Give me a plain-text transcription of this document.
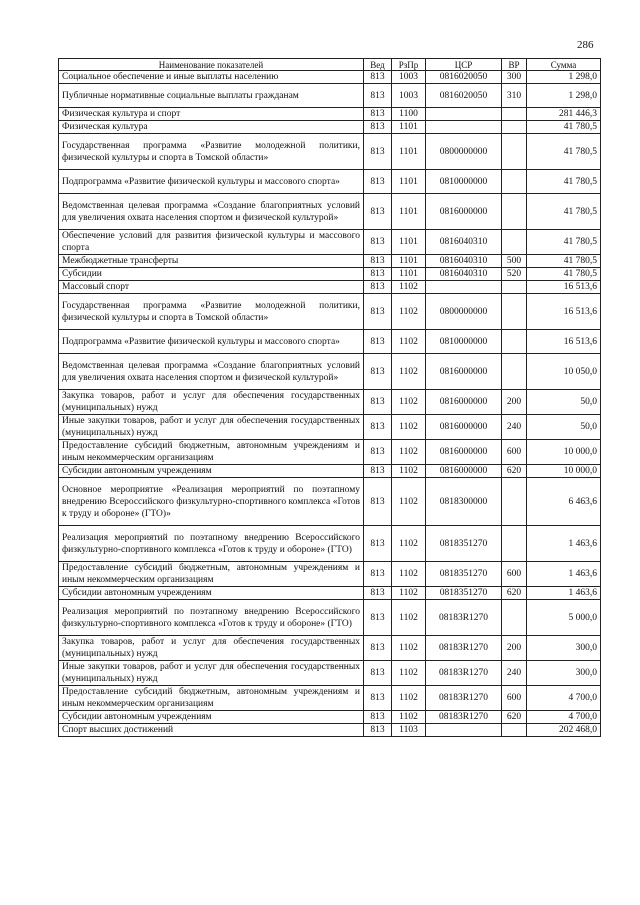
286
Наименование показателей	Вед	РзПр	ЦСР	ВР	Сумма
Социальное обеспечение и иные выплаты населению	813	1003	0816020050	300	1 298,0
Публичные нормативные социальные выплаты гражданам	813	1003	0816020050	310	1 298,0
Физическая культура и спорт	813	1100			281 446,3
Физическая культура	813	1101			41 780,5
Государственная программа «Развитие молодежной политики, физической культуры и спорта в Томской области»	813	1101	0800000000		41 780,5
Подпрограмма «Развитие физической культуры и массового спорта»	813	1101	0810000000		41 780,5
Ведомственная целевая программа «Создание благоприятных условий для увеличения охвата населения спортом и физической культурой»	813	1101	0816000000		41 780,5
Обеспечение условий для развития физической культуры и массового спорта	813	1101	0816040310		41 780,5
Межбюджетные трансферты	813	1101	0816040310	500	41 780,5
Субсидии	813	1101	0816040310	520	41 780,5
Массовый спорт	813	1102			16 513,6
Государственная программа «Развитие молодежной политики, физической культуры и спорта в Томской области»	813	1102	0800000000		16 513,6
Подпрограмма «Развитие физической культуры и массового спорта»	813	1102	0810000000		16 513,6
Ведомственная целевая программа «Создание благоприятных условий для увеличения охвата населения спортом и физической культурой»	813	1102	0816000000		10 050,0
Закупка товаров, работ и услуг для обеспечения государственных (муниципальных) нужд	813	1102	0816000000	200	50,0
Иные закупки товаров, работ и услуг для обеспечения государственных (муниципальных) нужд	813	1102	0816000000	240	50,0
Предоставление субсидий бюджетным, автономным учреждениям и иным некоммерческим организациям	813	1102	0816000000	600	10 000,0
Субсидии автономным учреждениям	813	1102	0816000000	620	10 000,0
Основное мероприятие «Реализация мероприятий по поэтапному внедрению Всероссийского физкультурно-спортивного комплекса «Готов к труду и обороне» (ГТО)»	813	1102	0818300000		6 463,6
Реализация мероприятий по поэтапному внедрению Всероссийского физкультурно-спортивного комплекса «Готов к труду и обороне» (ГТО)	813	1102	0818351270		1 463,6
Предоставление субсидий бюджетным, автономным учреждениям и иным некоммерческим организациям	813	1102	0818351270	600	1 463,6
Субсидии автономным учреждениям	813	1102	0818351270	620	1 463,6
Реализация мероприятий по поэтапному внедрению Всероссийского физкультурно-спортивного комплекса «Готов к труду и обороне» (ГТО)	813	1102	08183R1270		5 000,0
Закупка товаров, работ и услуг для обеспечения государственных (муниципальных) нужд	813	1102	08183R1270	200	300,0
Иные закупки товаров, работ и услуг для обеспечения государственных (муниципальных) нужд	813	1102	08183R1270	240	300,0
Предоставление субсидий бюджетным, автономным учреждениям и иным некоммерческим организациям	813	1102	08183R1270	600	4 700,0
Субсидии автономным учреждениям	813	1102	08183R1270	620	4 700,0
Спорт высших достижений	813	1103			202 468,0
